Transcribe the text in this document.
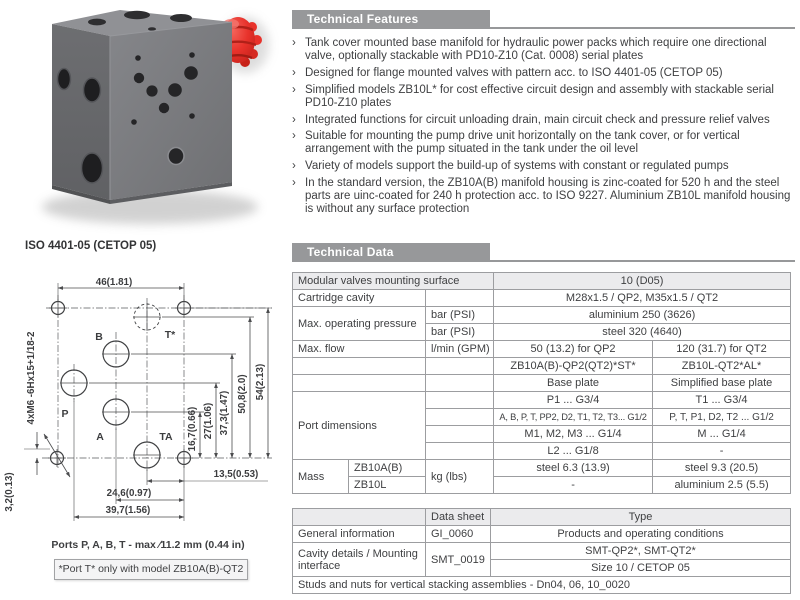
ISO 4401-05 (CETOP 05)
B	T*
P
A	TA
46(1.81)
16,7(0.66) 27(1.06) 37,3(1.47) 50,8(2.0) 54(2.13)
13,5(0.53)
24,6(0.97)
39,7(1.56)
3,2(0.13)
4xM6 -6Hx15+1/18-2
Ports P, A, B, T - max ∕11.2 mm (0.44 in)
*Port T* only with model ZB10A(B)-QT2
Technical Features
› Tank cover mounted base manifold for hydraulic power packs which require one directional valve, optionally stackable with PD10-Z10 (Cat. 0008) serial plates
› Designed for flange mounted valves with pattern acc. to ISO 4401-05 (CETOP 05)
› Simplified models ZB10L* for cost effective circuit design and assembly with stackable serial PD10-Z10 plates
› Integrated functions for circuit unloading drain, main circuit check and pressure relief valves
› Suitable for mounting the pump drive unit horizontally on the tank cover, or for vertical arrangement with the pump situated in the tank under the oil level
› Variety of models support the build-up of systems with constant or regulated pumps
› In the standard version, the ZB10A(B) manifold housing is zinc-coated for 520 h and the steel parts are uinc-coated for 240 h protection acc. to ISO 9227. Aluminium ZB10L manifold housing is without any surface protection
Technical Data
Modular valves mounting surface			10 (D05)	
Cartridge cavity			M28x1.5 / QP2, M35x1.5 / QT2	
Max. operating pressure		bar (PSI)	aluminium 250 (3626)	
		bar (PSI)	steel 320 (4640)	
Max. flow		l/min (GPM)	50 (13.2) for QP2	120 (31.7) for QT2
			ZB10A(B)-QP2(QT2)*ST*	ZB10L-QT2*AL*
			Base plate	Simplified base plate
Port dimensions			P1 ... G3/4	T1 ... G3/4
			A, B, P, T, PP2, D2, T1, T2, T3... G1/2	P, T, P1, D2, T2 ... G1/2
			M1, M2, M3 ... G1/4	M ... G1/4
			L2 ... G1/8	-
Mass	ZB10A(B)	kg (lbs)	steel 6.3 (13.9)	steel 9.3 (20.5)
	ZB10L		-	aluminium 2.5 (5.5)
	Data sheet	Type
General information	GI_0060	Products and operating conditions
Cavity details / Mounting interface	SMT_0019	SMT-QP2*, SMT-QT2*
		Size 10 / CETOP 05
Studs and nuts for vertical stacking assemblies - Dn04, 06, 10_0020		
